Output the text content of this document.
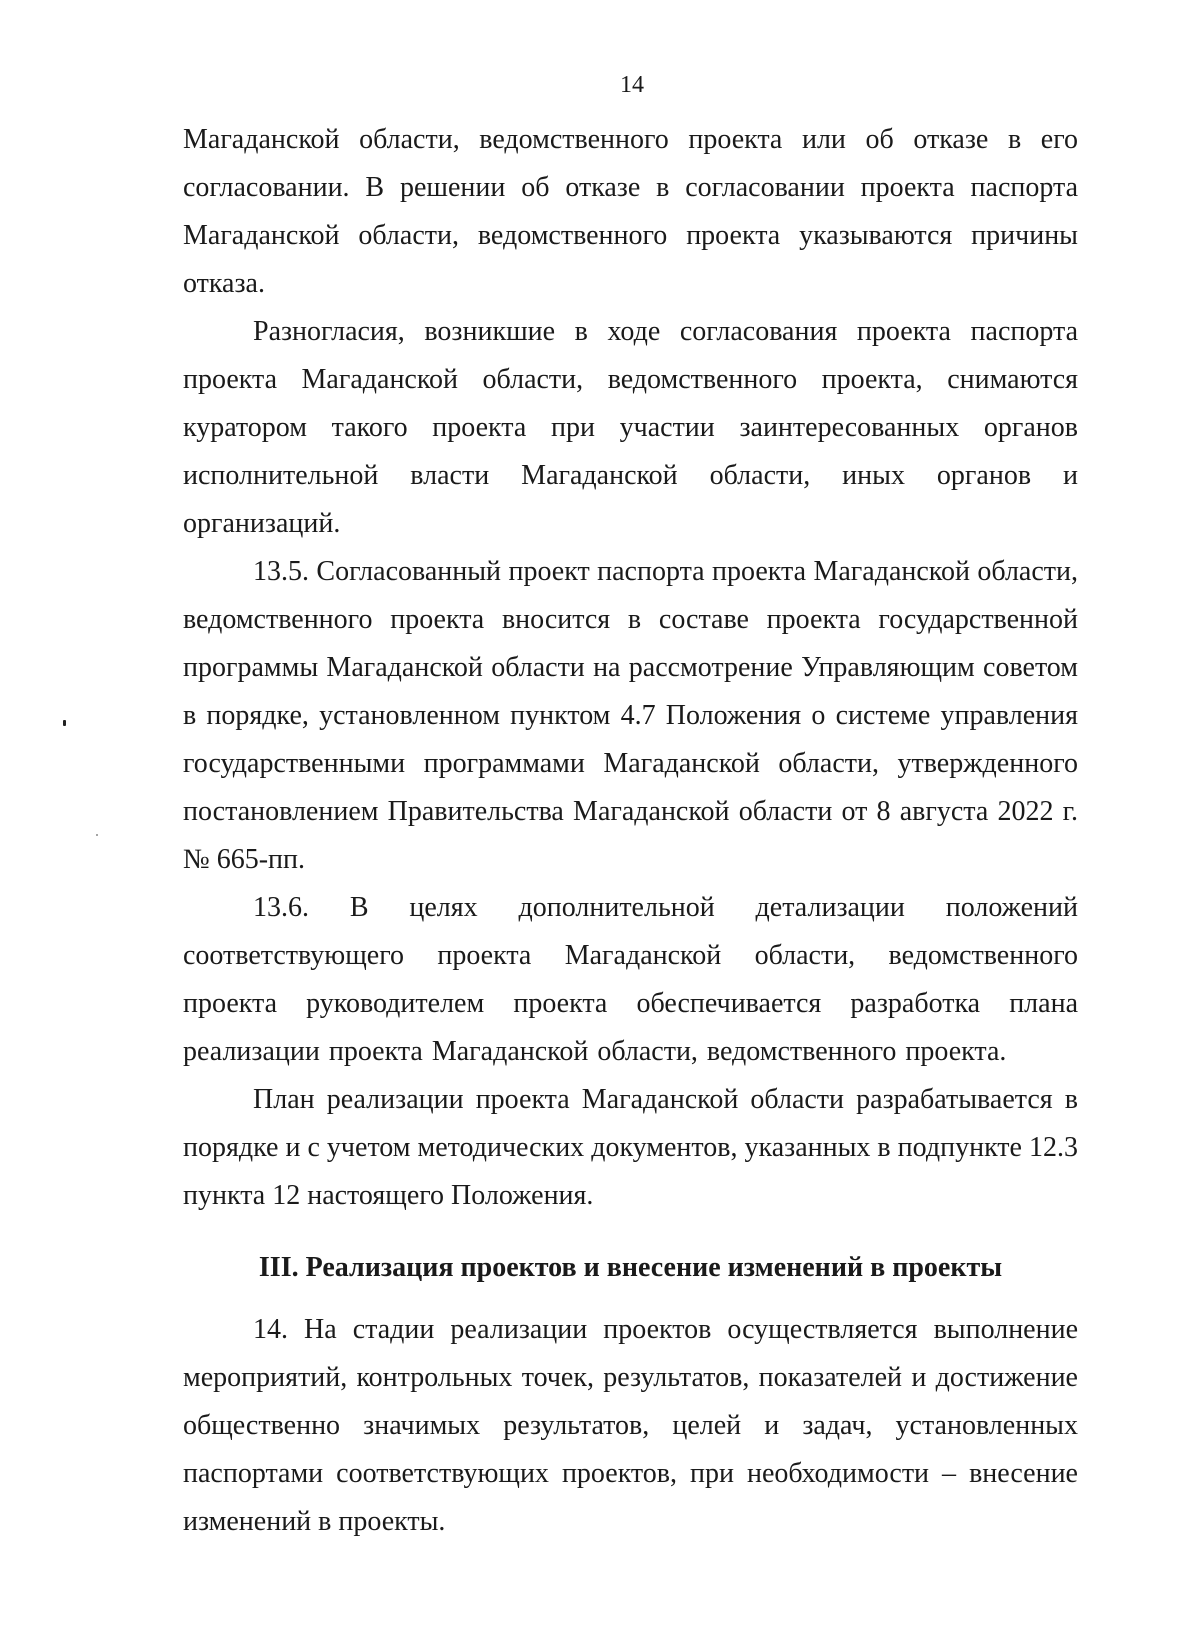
14

Магаданской области, ведомственного проекта или об отказе в его согласовании. В решении об отказе в согласовании проекта паспорта Магаданской области, ведомственного проекта указываются причины отказа.

Разногласия, возникшие в ходе согласования проекта паспорта проекта Магаданской области, ведомственного проекта, снимаются куратором такого проекта при участии заинтересованных органов исполнительной власти Магаданской области, иных органов и организаций.

13.5. Согласованный проект паспорта проекта Магаданской области, ведомственного проекта вносится в составе проекта государственной программы Магаданской области на рассмотрение Управляющим советом в порядке, установленном пунктом 4.7 Положения о системе управления государственными программами Магаданской области, утвержденного постановлением Правительства Магаданской области от 8 августа 2022 г. № 665-пп.

13.6. В целях дополнительной детализации положений соответствующего проекта Магаданской области, ведомственного проекта руководителем проекта обеспечивается разработка плана реализации проекта Магаданской области, ведомственного проекта.

План реализации проекта Магаданской области разрабатывается в порядке и с учетом методических документов, указанных в подпункте 12.3 пункта 12 настоящего Положения.

III. Реализация проектов и внесение изменений в проекты

14. На стадии реализации проектов осуществляется выполнение мероприятий, контрольных точек, результатов, показателей и достижение общественно значимых результатов, целей и задач, установленных паспортами соответствующих проектов, при необходимости – внесение изменений в проекты.
